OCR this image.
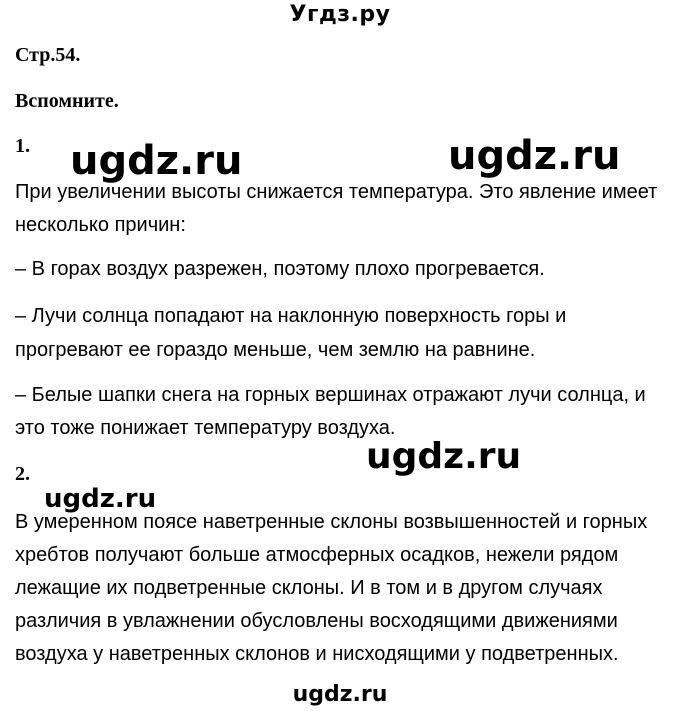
Угдз.ру
Стр.54.
Вспомните.
1. ugdz.ru	ugdz.ru
При увеличении высоты снижается температура. Это явление имеет
несколько причин:
– В горах воздух разрежен, поэтому плохо прогревается.
– Лучи солнца попадают на наклонную поверхность горы и
прогревают ее гораздо меньше, чем землю на равнине.
– Белые шапки снега на горных вершинах отражают лучи солнца, и
это тоже понижает температуру воздуха.
ugdz.ru
2.
ugdz.ru
В умеренном поясе наветренные склоны возвышенностей и горных
хребтов получают больше атмосферных осадков, нежели рядом
лежащие их подветренные склоны. И в том и в другом случаях
различия в увлажнении обусловлены восходящими движениями
воздуха у наветренных склонов и нисходящими у подветренных.
ugdz.ru
